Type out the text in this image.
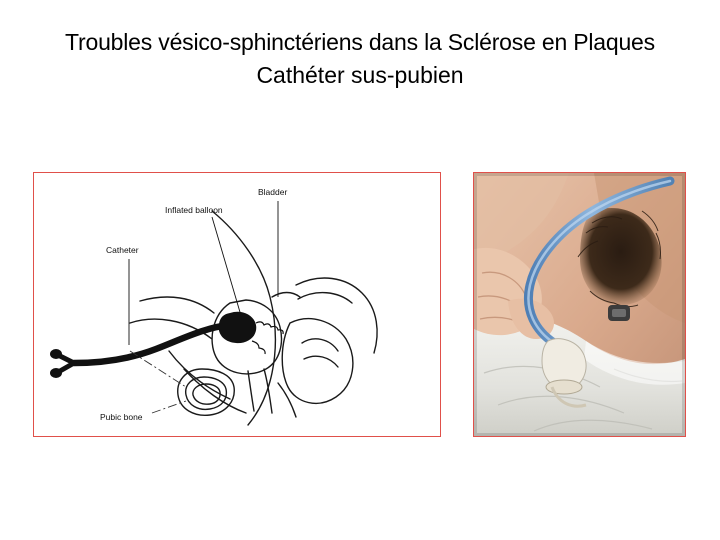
Troubles vésico-sphinctériens dans la Sclérose en Plaques
Cathéter sus-pubien
Bladder
Inflated balloon
Catheter
Pubic bone
